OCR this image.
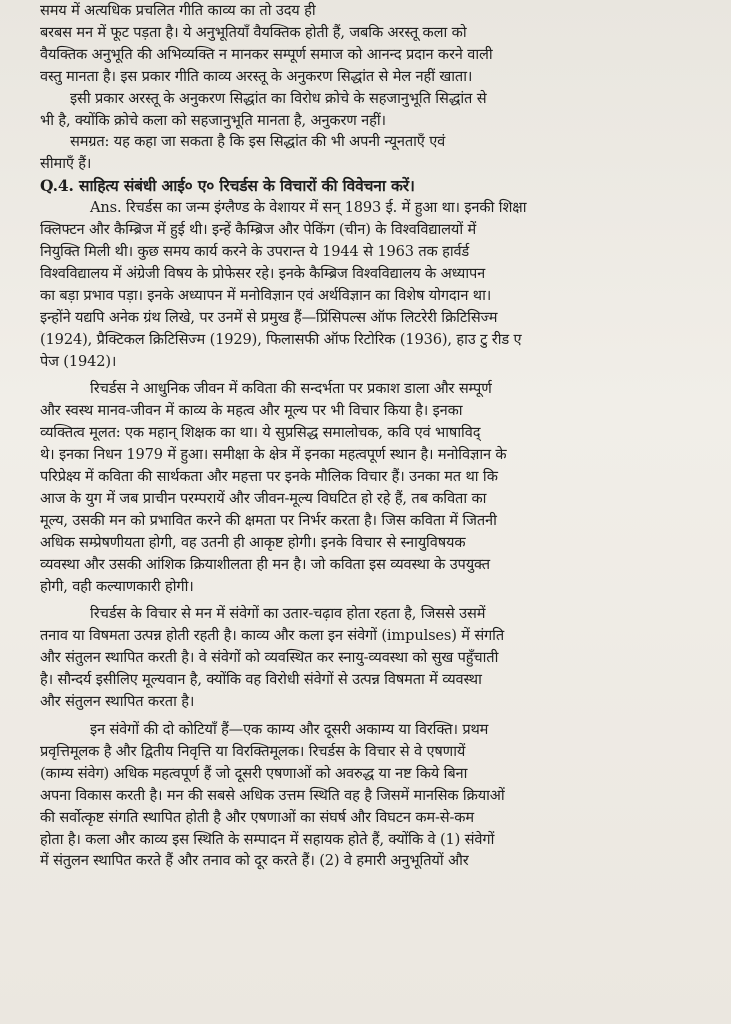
समय में अत्यधिक प्रचलित गीति काव्य का तो उदय ही
बरबस मन में फूट पड़ता है। ये अनुभूतियाँ वैयक्तिक होती हैं, जबकि अरस्तू कला को
वैयक्तिक अनुभूति की अभिव्यक्ति न मानकर सम्पूर्ण समाज को आनन्द प्रदान करने वाली
वस्तु मानता है। इस प्रकार गीति काव्य अरस्तू के अनुकरण सिद्धांत से मेल नहीं खाता।
इसी प्रकार अरस्तू के अनुकरण सिद्धांत का विरोध क्रोचे के सहजानुभूति सिद्धांत से
भी है, क्योंकि क्रोचे कला को सहजानुभूति मानता है, अनुकरण नहीं।
समग्रत: यह कहा जा सकता है कि इस सिद्धांत की भी अपनी न्यूनताएँ एवं
सीमाएँ हैं।
Q.4. साहित्य संबंधी आई० ए० रिचर्डस के विचारों की विवेचना करें।
Ans. रिचर्डस का जन्म इंग्लैण्ड के वेशायर में सन् 1893 ई. में हुआ था। इनकी शिक्षा
क्लिफ्टन और कैम्ब्रिज में हुई थी। इन्हें कैम्ब्रिज और पेकिंग (चीन) के विश्वविद्यालयों में
नियुक्ति मिली थी। कुछ समय कार्य करने के उपरान्त ये 1944 से 1963 तक हार्वर्ड
विश्वविद्यालय में अंग्रेजी विषय के प्रोफेसर रहे। इनके कैम्ब्रिज विश्वविद्यालय के अध्यापन
का बड़ा प्रभाव पड़ा। इनके अध्यापन में मनोविज्ञान एवं अर्थविज्ञान का विशेष योगदान था।
इन्होंने यद्यपि अनेक ग्रंथ लिखे, पर उनमें से प्रमुख हैं—प्रिंसिपल्स ऑफ लिटरेरी क्रिटिसिज्म
(1924), प्रैक्टिकल क्रिटिसिज्म (1929), फिलासफी ऑफ रिटोरिक (1936), हाउ टु रीड ए
पेज (1942)।
रिचर्डस ने आधुनिक जीवन में कविता की सन्दर्भता पर प्रकाश डाला और सम्पूर्ण
और स्वस्थ मानव-जीवन में काव्य के महत्व और मूल्य पर भी विचार किया है। इनका
व्यक्तित्व मूलत: एक महान् शिक्षक का था। ये सुप्रसिद्ध समालोचक, कवि एवं भाषाविद्
थे। इनका निधन 1979 में हुआ। समीक्षा के क्षेत्र में इनका महत्वपूर्ण स्थान है। मनोविज्ञान के
परिप्रेक्ष्य में कविता की सार्थकता और महत्ता पर इनके मौलिक विचार हैं। उनका मत था कि
आज के युग में जब प्राचीन परम्परायें और जीवन-मूल्य विघटित हो रहे हैं, तब कविता का
मूल्य, उसकी मन को प्रभावित करने की क्षमता पर निर्भर करता है। जिस कविता में जितनी
अधिक सम्प्रेषणीयता होगी, वह उतनी ही आकृष्ट होगी। इनके विचार से स्नायुविषयक
व्यवस्था और उसकी आंशिक क्रियाशीलता ही मन है। जो कविता इस व्यवस्था के उपयुक्त
होगी, वही कल्याणकारी होगी।
रिचर्डस के विचार से मन में संवेगों का उतार-चढ़ाव होता रहता है, जिससे उसमें
तनाव या विषमता उत्पन्न होती रहती है। काव्य और कला इन संवेगों (impulses) में संगति
और संतुलन स्थापित करती है। वे संवेगों को व्यवस्थित कर स्नायु-व्यवस्था को सुख पहुँचाती
है। सौन्दर्य इसीलिए मूल्यवान है, क्योंकि वह विरोधी संवेगों से उत्पन्न विषमता में व्यवस्था
और संतुलन स्थापित करता है।
इन संवेगों की दो कोटियाँ हैं—एक काम्य और दूसरी अकाम्य या विरक्ति। प्रथम
प्रवृत्तिमूलक है और द्वितीय निवृत्ति या विरक्तिमूलक। रिचर्डस के विचार से वे एषणायें
(काम्य संवेग) अधिक महत्वपूर्ण हैं जो दूसरी एषणाओं को अवरुद्ध या नष्ट किये बिना
अपना विकास करती है। मन की सबसे अधिक उत्तम स्थिति वह है जिसमें मानसिक क्रियाओं
की सर्वोत्कृष्ट संगति स्थापित होती है और एषणाओं का संघर्ष और विघटन कम-से-कम
होता है। कला और काव्य इस स्थिति के सम्पादन में सहायक होते हैं, क्योंकि वे (1) संवेगों
में संतुलन स्थापित करते हैं और तनाव को दूर करते हैं। (2) वे हमारी अनुभूतियों और
